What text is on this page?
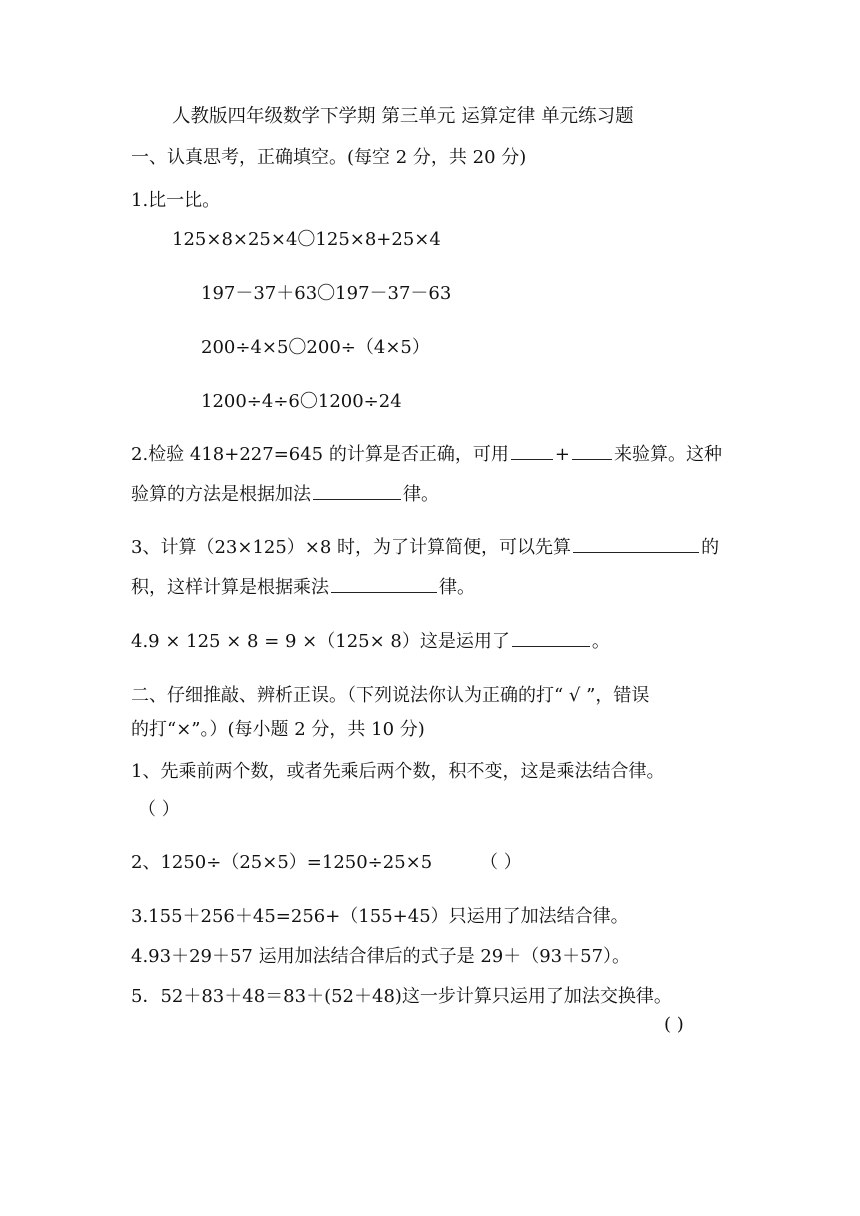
人教版四年级数学下学期 第三单元 运算定律 单元练习题
一、认真思考，正确填空。(每空 2 分，共 20 分)
1.比一比。
125×8×25×4〇125×8+25×4
197－37＋63〇197－37－63
200÷4×5〇200÷（4×5）
1200÷4÷6〇1200÷24
2.检验 418+227=645 的计算是否正确，可用	+ 来验算。这种
验算的方法是根据加法	律。
3、计算（23×125）×8 时，为了计算简便，可以先算	的
积，这样计算是根据乘法	律。
4.9 × 125 × 8 = 9 ×（125× 8）这是运用了	。
二、仔细推敲、辨析正误。（下列说法你认为正确的打“ √ ”，错误
的打“×”。）(每小题 2 分，共 10 分)
1、先乘前两个数，或者先乘后两个数，积不变，这是乘法结合律。
（ ）
2、1250÷（25×5）=1250÷25×5	（ ）
3.155＋256＋45=256+（155+45）只运用了加法结合律。
4.93＋29＋57 运用加法结合律后的式子是 29＋（93＋57）。
5．52＋83＋48＝83＋(52＋48)这一步计算只运用了加法交换律。
( )
